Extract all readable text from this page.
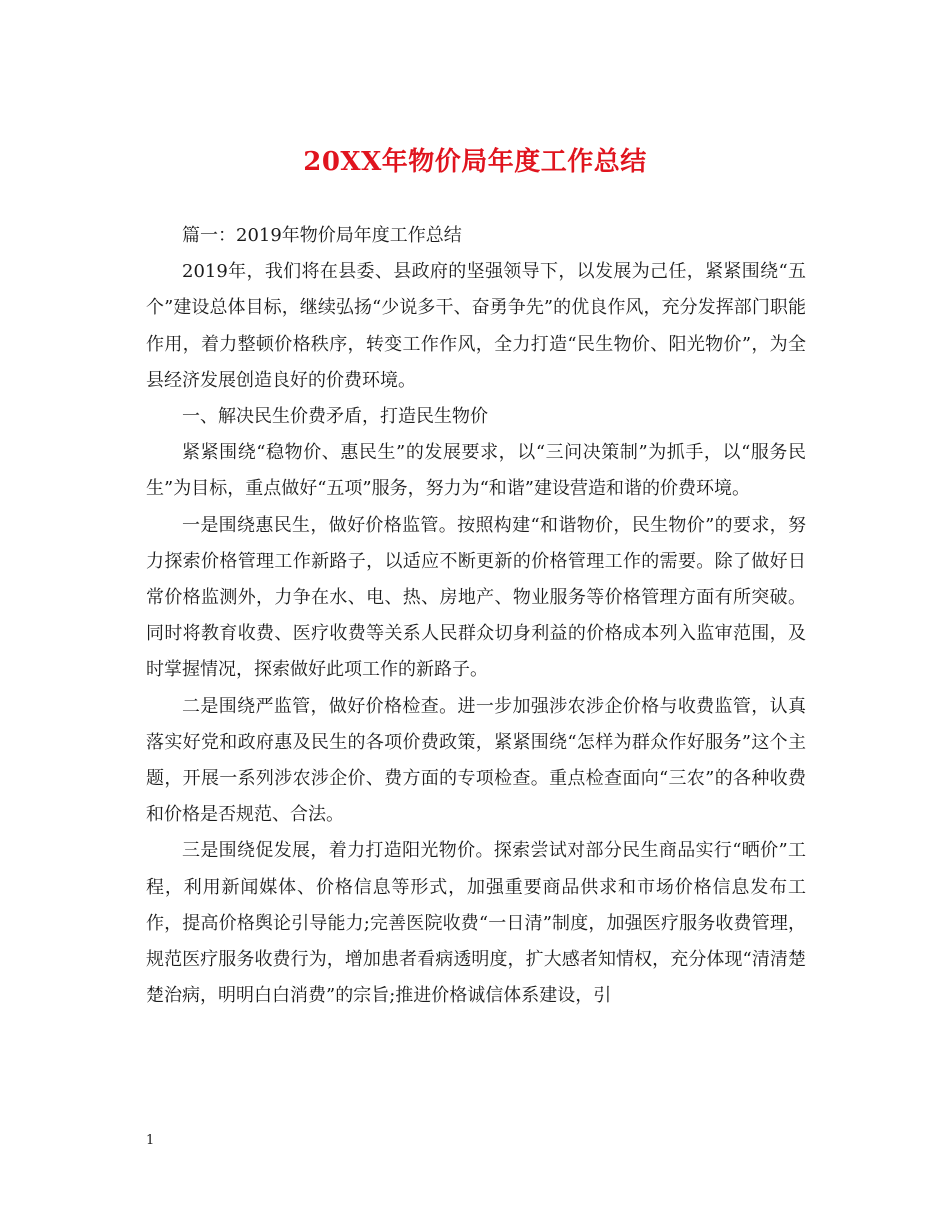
20XX年物价局年度工作总结

篇一：2019年物价局年度工作总结

2019年，我们将在县委、县政府的坚强领导下，以发展为己任，紧紧围绕“五个”建设总体目标，继续弘扬“少说多干、奋勇争先”的优良作风，充分发挥部门职能作用，着力整顿价格秩序，转变工作作风，全力打造“民生物价、阳光物价”，为全县经济发展创造良好的价费环境。

一、解决民生价费矛盾，打造民生物价

紧紧围绕“稳物价、惠民生”的发展要求，以“三问决策制”为抓手，以“服务民生”为目标，重点做好“五项”服务，努力为“和谐”建设营造和谐的价费环境。

一是围绕惠民生，做好价格监管。按照构建“和谐物价，民生物价”的要求，努力探索价格管理工作新路子，以适应不断更新的价格管理工作的需要。除了做好日常价格监测外，力争在水、电、热、房地产、物业服务等价格管理方面有所突破。同时将教育收费、医疗收费等关系人民群众切身利益的价格成本列入监审范围，及时掌握情况，探索做好此项工作的新路子。

二是围绕严监管，做好价格检查。进一步加强涉农涉企价格与收费监管，认真落实好党和政府惠及民生的各项价费政策，紧紧围绕“怎样为群众作好服务”这个主题，开展一系列涉农涉企价、费方面的专项检查。重点检查面向“三农”的各种收费和价格是否规范、合法。

三是围绕促发展，着力打造阳光物价。探索尝试对部分民生商品实行“晒价”工程，利用新闻媒体、价格信息等形式，加强重要商品供求和市场价格信息发布工作，提高价格舆论引导能力;完善医院收费“一日清”制度，加强医疗服务收费管理，规范医疗服务收费行为，增加患者看病透明度，扩大感者知情权，充分体现“清清楚楚治病，明明白白消费”的宗旨;推进价格诚信体系建设，引

1
